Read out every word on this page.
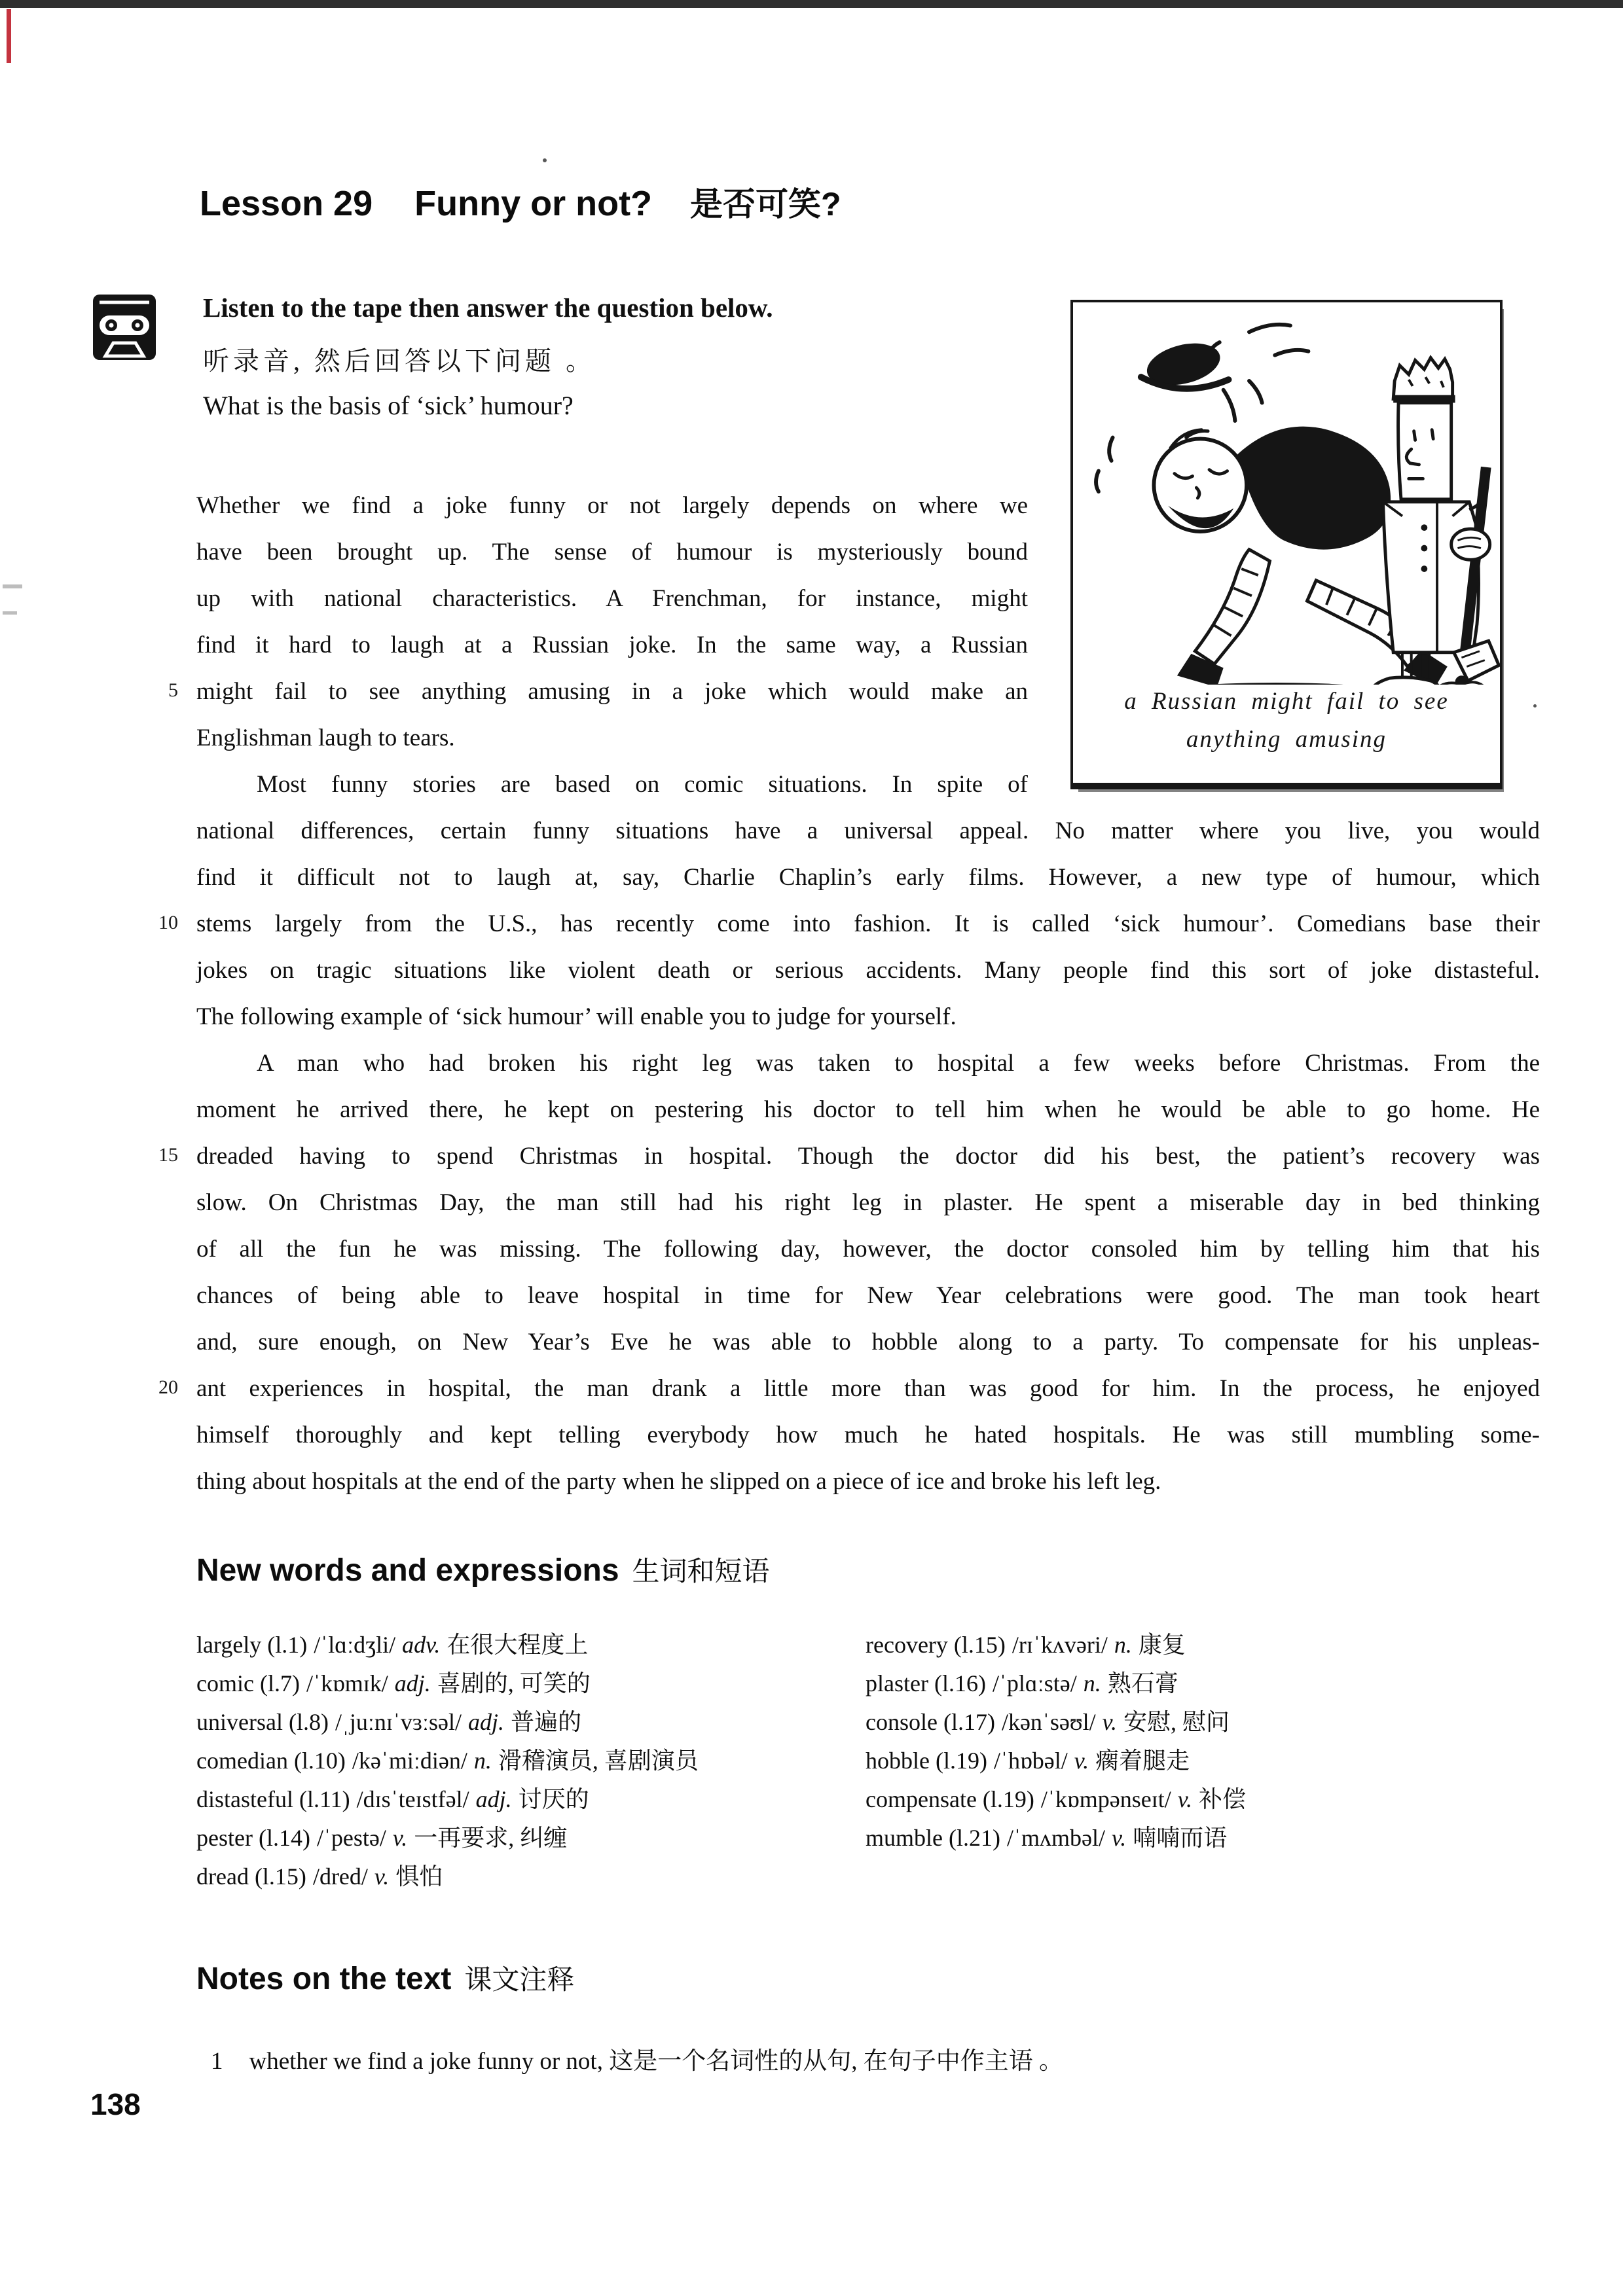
Lesson 29 Funny or not? 是否可笑?
Listen to the tape then answer the question below.
听录音, 然后回答以下问题 。
What is the basis of ‘sick’ humour?
a Russian might fail to see
anything amusing
5
10
15
20
Whether we find a joke funny or not largely depends on where we
have been brought up. The sense of humour is mysteriously bound
up with national characteristics. A Frenchman, for instance, might
find it hard to laugh at a Russian joke. In the same way, a Russian
might fail to see anything amusing in a joke which would make an
Englishman laugh to tears.
Most funny stories are based on comic situations. In spite of
national differences, certain funny situations have a universal appeal. No matter where you live, you would
find it difficult not to laugh at, say, Charlie Chaplin’s early films. However, a new type of humour, which
stems largely from the U.S., has recently come into fashion. It is called ‘sick humour’. Comedians base their
jokes on tragic situations like violent death or serious accidents. Many people find this sort of joke distasteful.
The following example of ‘sick humour’ will enable you to judge for yourself.
A man who had broken his right leg was taken to hospital a few weeks before Christmas. From the
moment he arrived there, he kept on pestering his doctor to tell him when he would be able to go home. He
dreaded having to spend Christmas in hospital. Though the doctor did his best, the patient’s recovery was
slow. On Christmas Day, the man still had his right leg in plaster. He spent a miserable day in bed thinking
of all the fun he was missing. The following day, however, the doctor consoled him by telling him that his
chances of being able to leave hospital in time for New Year celebrations were good. The man took heart
and, sure enough, on New Year’s Eve he was able to hobble along to a party. To compensate for his unpleas-
ant experiences in hospital, the man drank a little more than was good for him. In the process, he enjoyed
himself thoroughly and kept telling everybody how much he hated hospitals. He was still mumbling some-
thing about hospitals at the end of the party when he slipped on a piece of ice and broke his left leg.
New words and expressions 生词和短语
largely (l.1) /ˈlɑːdʒli/ adv. 在很大程度上
comic (l.7) /ˈkɒmɪk/ adj. 喜剧的, 可笑的
universal (l.8) /ˌjuːnɪˈvɜːsəl/ adj. 普遍的
comedian (l.10) /kəˈmiːdiən/ n. 滑稽演员, 喜剧演员
distasteful (l.11) /dɪsˈteɪstfəl/ adj. 讨厌的
pester (l.14) /ˈpestə/ v. 一再要求, 纠缠
dread (l.15) /dred/ v. 惧怕
recovery (l.15) /rɪˈkʌvəri/ n. 康复
plaster (l.16) /ˈplɑːstə/ n. 熟石膏
console (l.17) /kənˈsəʊl/ v. 安慰, 慰问
hobble (l.19) /ˈhɒbəl/ v. 瘸着腿走
compensate (l.19) /ˈkɒmpənseɪt/ v. 补偿
mumble (l.21) /ˈmʌmbəl/ v. 喃喃而语
Notes on the text 课文注释
1 whether we find a joke funny or not, 这是一个名词性的从句, 在句子中作主语 。
138
